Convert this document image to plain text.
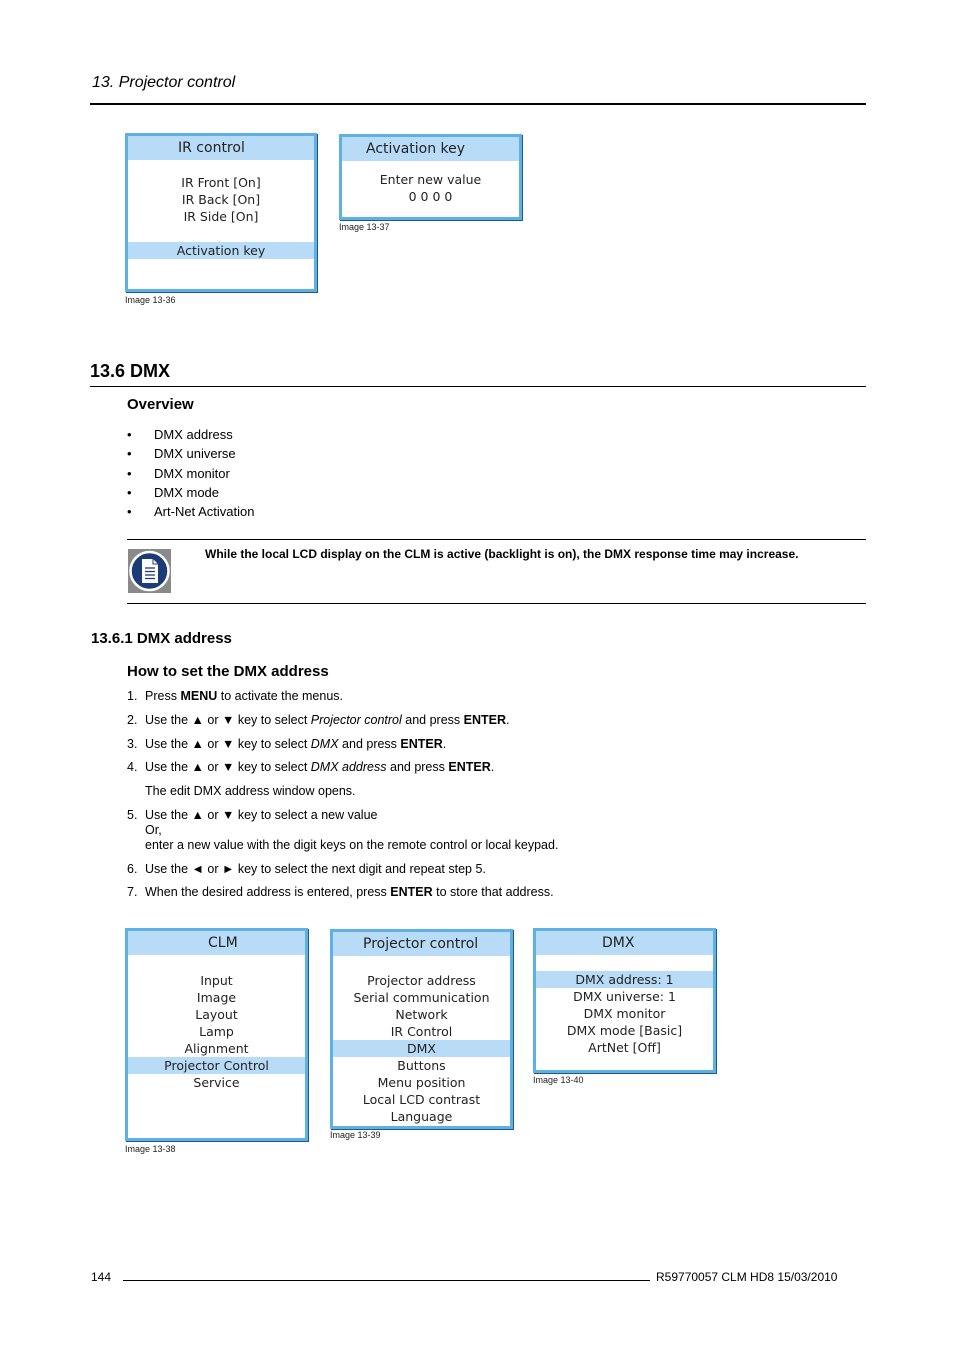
13. Projector control
IR control
IR Front [On]
IR Back [On]
IR Side [On]
Activation key
Image 13-36
Activation key
Enter new value
0 0 0 0
Image 13-37
13.6 DMX
Overview
• DMX address
• DMX universe
• DMX monitor
• DMX mode
• Art-Net Activation
While the local LCD display on the CLM is active (backlight is on), the DMX response time may increase.
13.6.1 DMX address
How to set the DMX address
1. Press MENU to activate the menus.
2. Use the ▲ or ▼ key to select Projector control and press ENTER.
3. Use the ▲ or ▼ key to select DMX and press ENTER.
4. Use the ▲ or ▼ key to select DMX address and press ENTER.
The edit DMX address window opens.
5. Use the ▲ or ▼ key to select a new value
Or,
enter a new value with the digit keys on the remote control or local keypad.
6. Use the ◄ or ► key to select the next digit and repeat step 5.
7. When the desired address is entered, press ENTER to store that address.
CLM
Input
Image
Layout
Lamp
Alignment
Projector Control
Service
Image 13-38
Projector control
Projector address
Serial communication
Network
IR Control
DMX
Buttons
Menu position
Local LCD contrast
Language
Image 13-39
DMX
DMX address: 1
DMX universe: 1
DMX monitor
DMX mode [Basic]
ArtNet [Off]
Image 13-40
144	R59770057 CLM HD8 15/03/2010
